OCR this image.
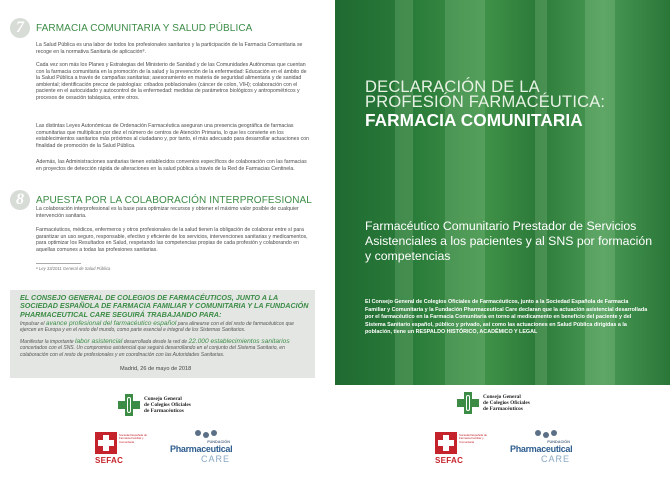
7	FARMACIA COMUNITARIA Y SALUD PÚBLICA

La Salud Pública es una labor de todos los profesionales sanitarios y la participación de la Farmacia Comunitaria se recoge en la normativa Sanitaria de aplicación⁸.

Cada vez son más los Planes y Estrategias del Ministerio de Sanidad y de las Comunidades Autónomas que cuentan con la farmacia comunitaria en la promoción de la salud y la prevención de la enfermedad: Educación en el ámbito de la Salud Pública a través de campañas sanitarias; asesoramiento en materia de seguridad alimentaria y de sanidad ambiental; identificación precoz de patologías: cribados poblacionales (cáncer de colon, VIH); colaboración con el paciente en el autocuidado y autocontrol de la enfermedad: medidas de parámetros biológicos y antropométricos y procesos de cesación tabáquica, entre otros.

Las distintas Leyes Autonómicas de Ordenación Farmacéutica aseguran una presencia geográfica de farmacias comunitarias que multiplican por diez el número de centros de Atención Primaria, lo que les convierte en los establecimientos sanitarios más próximos al ciudadano y, por tanto, el más adecuado para desarrollar actuaciones con finalidad de promoción de la Salud Pública.

Además, las Administraciones sanitarias tienen establecidos convenios específicos de colaboración con las farmacias en proyectos de detección rápida de alteraciones en la salud pública a través de la Red de Farmacias Centinela.

8	APUESTA POR LA COLABORACIÓN INTERPROFESIONAL

La colaboración interprofesional es la base para optimizar recursos y obtener el máximo valor posible de cualquier intervención sanitaria.

Farmacéuticos, médicos, enfermeros y otros profesionales de la salud tienen la obligación de colaborar entre sí para garantizar un uso seguro, responsable, efectivo y eficiente de los servicios, intervenciones sanitarias y medicamentos, para optimizar los Resultados en Salud, respetando las competencias propias de cada profesión y colaborando en aquellas comunes a todas las profesiones sanitarias.

⁸ Ley 33/2011 General de Salud Pública

EL CONSEJO GENERAL DE COLEGIOS DE FARMACÉUTICOS, JUNTO A LA SOCIEDAD ESPAÑOLA DE FARMACIA FAMILIAR Y COMUNITARIA Y LA FUNDACIÓN PHARMACEUTICAL CARE SEGUIRÁ TRABAJANDO PARA:

Impulsar el avance profesional del farmacéutico español para alinearse con el del resto de farmacéuticos que ejercen en Europa y en el resto del mundo, como parte esencial e integral de los Sistemas Sanitarios.

Manifestar la importante labor asistencial desarrollada desde la red de 22.000 establecimientos sanitarios concertados con el SNS. Un compromiso asistencial que seguirá desarrollando en el conjunto del Sistema Sanitario, en colaboración con el resto de profesionales y en coordinación con las Autoridades Sanitarias.

Madrid, 26 de mayo de 2018

Consejo General
de Colegios Oficiales
de Farmacéuticos
Sociedad Española de Farmacia Familiar y Comunitaria
SEFAC
FUNDACIÓN
Pharmaceutical
CARE
DECLARACIÓN DE LA
PROFESIÓN FARMACÉUTICA:
FARMACIA COMUNITARIA

Farmacéutico Comunitario Prestador de Servicios Asistenciales a los pacientes y al SNS por formación y competencias

El Consejo General de Colegios Oficiales de Farmacéuticos, junto a la Sociedad Española de Farmacia Familiar y Comunitaria y la Fundación Pharmaceutical Care declaran que la actuación asistencial desarrollada por el farmacéutico en la Farmacia Comunitaria en torno al medicamento en beneficio del paciente y del Sistema Sanitario español, público y privado, así como las actuaciones en Salud Pública dirigidas a la población, tiene un RESPALDO HISTÓRICO, ACADÉMICO Y LEGAL

Consejo General
de Colegios Oficiales
de Farmacéuticos
Sociedad Española de Farmacia Familiar y Comunitaria
SEFAC
FUNDACIÓN
Pharmaceutical
CARE
